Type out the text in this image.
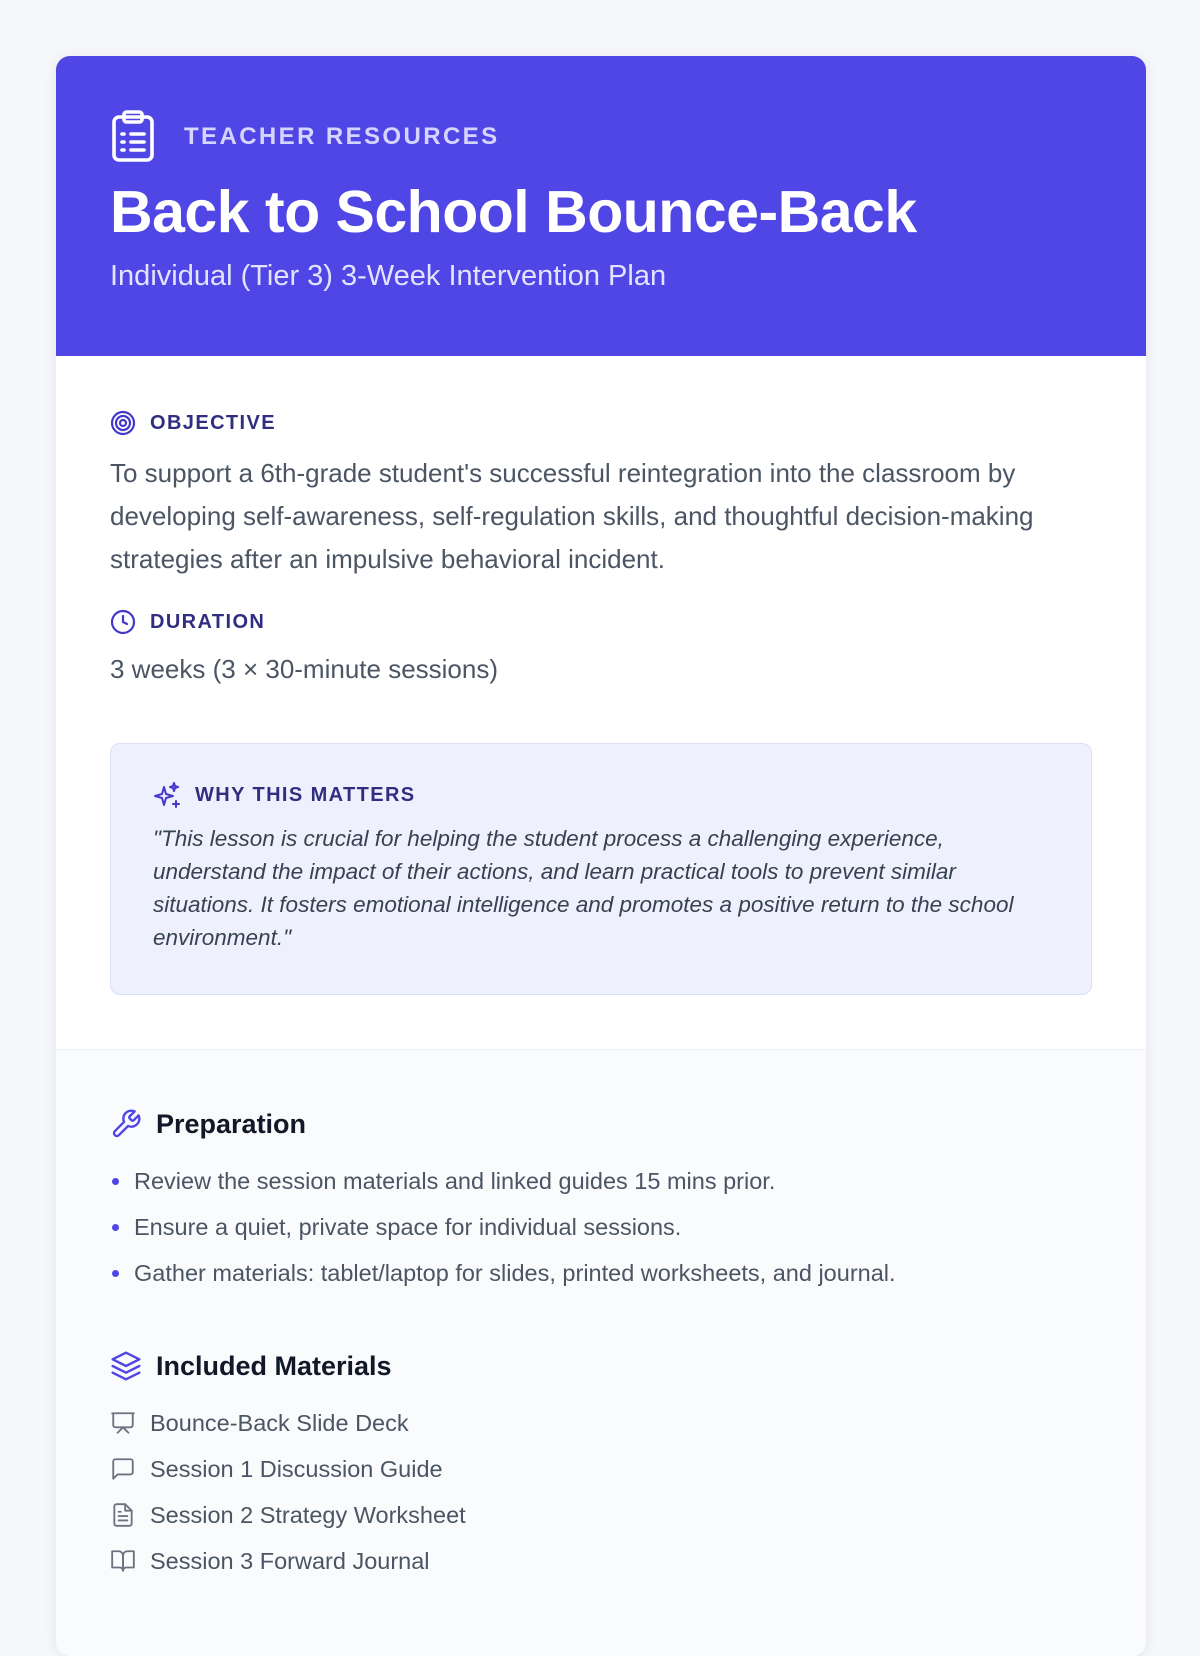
TEACHER RESOURCES
Back to School Bounce-Back
Individual (Tier 3) 3-Week Intervention Plan
OBJECTIVE

To support a 6th-grade student's successful reintegration into the classroom by developing self-awareness, self-regulation skills, and thoughtful decision-making strategies after an impulsive behavioral incident.

DURATION
3 weeks (3 × 30-minute sessions)
WHY THIS MATTERS

"This lesson is crucial for helping the student process a challenging experience, understand the impact of their actions, and learn practical tools to prevent similar situations. It fosters emotional intelligence and promotes a positive return to the school environment."

Preparation
Review the session materials and linked guides 15 mins prior.
Ensure a quiet, private space for individual sessions.
Gather materials: tablet/laptop for slides, printed worksheets, and journal.
Included Materials
Bounce-Back Slide Deck
Session 1 Discussion Guide
Session 2 Strategy Worksheet
Session 3 Forward Journal
